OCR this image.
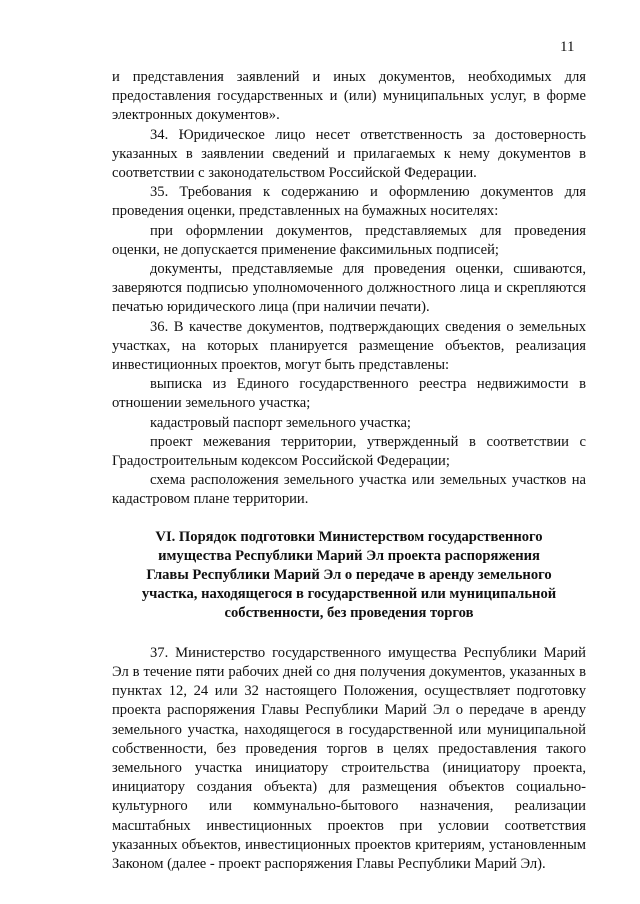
11

и представления заявлений и иных документов, необходимых для предоставления государственных и (или) муниципальных услуг, в форме электронных документов».

34. Юридическое лицо несет ответственность за достоверность указанных в заявлении сведений и прилагаемых к нему документов в соответствии с законодательством Российской Федерации.

35. Требования к содержанию и оформлению документов для проведения оценки, представленных на бумажных носителях:

при оформлении документов, представляемых для проведения оценки, не допускается применение факсимильных подписей;

документы, представляемые для проведения оценки, сшиваются, заверяются подписью уполномоченного должностного лица и скрепляются печатью юридического лица (при наличии печати).

36. В качестве документов, подтверждающих сведения о земельных участках, на которых планируется размещение объектов, реализация инвестиционных проектов, могут быть представлены:

выписка из Единого государственного реестра недвижимости в отношении земельного участка;

кадастровый паспорт земельного участка;

проект межевания территории, утвержденный в соответствии с Градостроительным кодексом Российской Федерации;

схема расположения земельного участка или земельных участков на кадастровом плане территории.

VI. Порядок подготовки Министерством государственного
имущества Республики Марий Эл проекта распоряжения
Главы Республики Марий Эл о передаче в аренду земельного
участка, находящегося в государственной или муниципальной
собственности, без проведения торгов

37. Министерство государственного имущества Республики Марий Эл в течение пяти рабочих дней со дня получения документов, указанных в пунктах 12, 24 или 32 настоящего Положения, осуществляет подготовку проекта распоряжения Главы Республики Марий Эл о передаче в аренду земельного участка, находящегося в государственной или муниципальной собственности, без проведения торгов в целях предоставления такого земельного участка инициатору строительства (инициатору проекта, инициатору создания объекта) для размещения объектов социально-культурного или коммунально-бытового назначения, реализации масштабных инвестиционных проектов при условии соответствия указанных объектов, инвестиционных проектов критериям, установленным Законом (далее - проект распоряжения Главы Республики Марий Эл).
